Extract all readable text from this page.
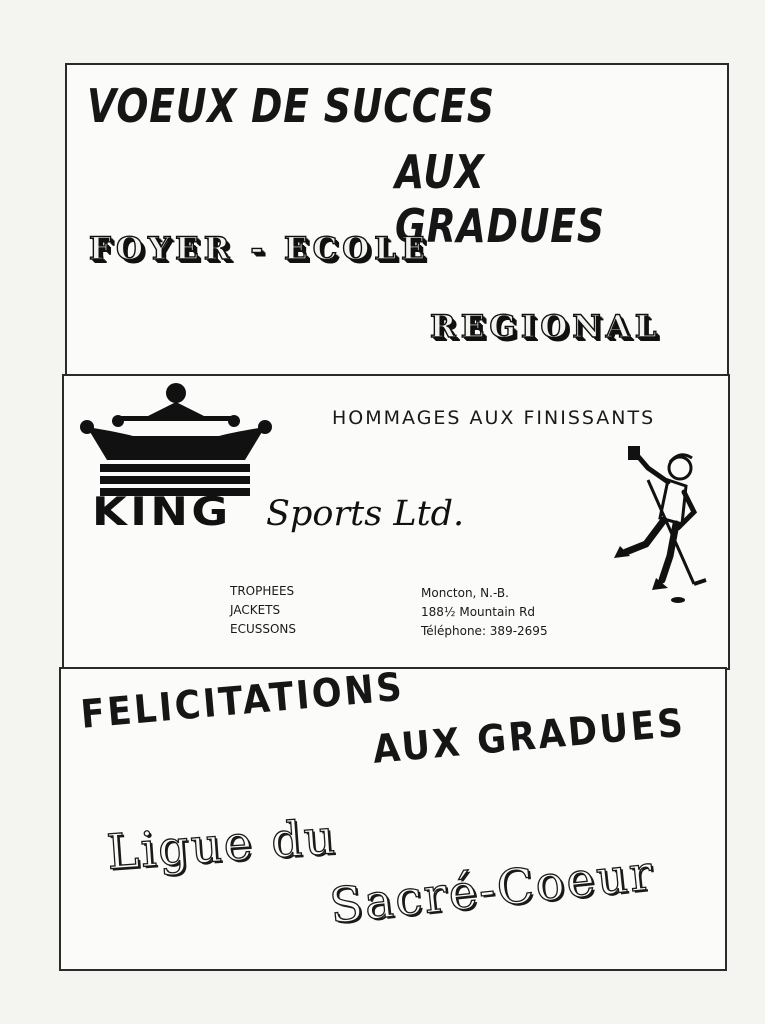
VOEUX DE SUCCES
AUX GRADUES
FOYER - ECOLE
REGIONAL
KING Sports Ltd.
HOMMAGES AUX FINISSANTS
TROPHEES
JACKETS
ECUSSONS
Moncton, N.-B.
188½ Mountain Rd
Téléphone: 389-2695
FELICITATIONS
AUX GRADUES
Ligue du
Sacré-Coeur
